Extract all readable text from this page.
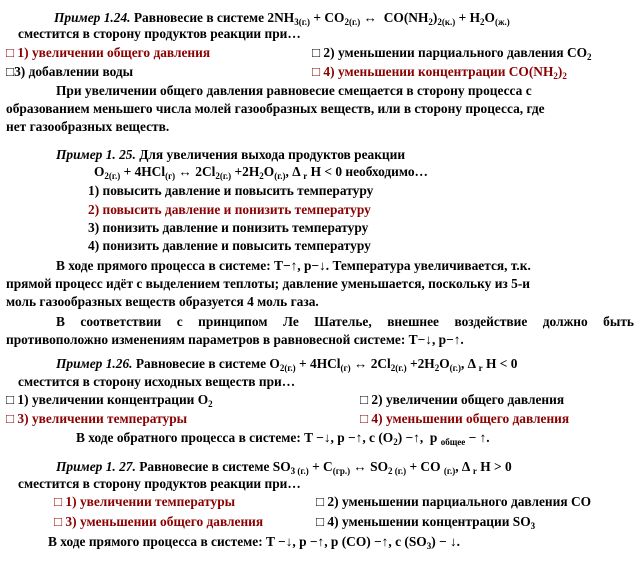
Пример 1.24. Равновесие в системе $2NH_{3(г.)} + CO_{2(г.)}$ ↔  $CO(NH_2)_{2(к.)} + H_2O_{(ж.)}$
сместится в сторону продуктов реакции при…
□ 1) увеличении общего давления	□ 2) уменьшении парциального давления $CO_2$
□3) добавлении воды	□ 4) уменьшении концентрации $CO(NH_2)_2$
При увеличении общего давления равновесие смещается в сторону процесса с
образованием меньшего числа молей газообразных веществ, или в сторону процесса, где
нет газообразных веществ.
Пример 1. 25. Для увеличения выхода продуктов реакции
$O_{2(г.)} + 4HCl_{(г)}$ ↔ $2Cl_{2(г.)} +2H_2O_{(г.)}$, Δ $_r$ H < 0 необходимо…
1) повысить давление и повысить температуру
2) повысить давление и понизить температуру
3) понизить давление и понизить температуру
4) понизить давление и повысить температуру
В ходе прямого процесса в системе: T−↑, p−↓. Температура увеличивается, т.к.
прямой процесс идёт с выделением теплоты; давление уменьшается, поскольку из 5-и
моль газообразных веществ образуется 4 моль газа.
В соответствии с принципом Ле Шателье, внешнее воздействие должно быть
противоположно изменениям параметров в равновесной системе: T−↓, p−↑.
Пример 1.26. Равновесие в системе $O_{2(г.)} + 4HCl_{(г)}$ ↔ $2Cl_{2(г.)} +2H_2O_{(г.)}$, Δ $_r$ H < 0
сместится в сторону исходных веществ при…
□ 1) увеличении концентрации $O_2$	□ 2) увеличении общего давления
□ 3) увеличении температуры	□ 4) уменьшении общего давления
В ходе обратного процесса в системе: T −↓, p −↑, c $(O_2)$ −↑,  p $_{общее}$ − ↑.
Пример 1. 27. Равновесие в системе $SO_{3 (г.)} + C_{(гр.)}$ ↔ $SO_{2 (г.)}$ + CO $_{(г.)}$, Δ $_r$ H > 0
сместится в сторону продуктов реакции при…
□ 1) увеличении температуры	□ 2) уменьшении парциального давления CO
□ 3) уменьшении общего давления	□ 4) уменьшении концентрации $SO_3$
В ходе прямого процесса в системе: T −↓, p −↑, p (CO) −↑, c $(SO_3)$ − ↓.
